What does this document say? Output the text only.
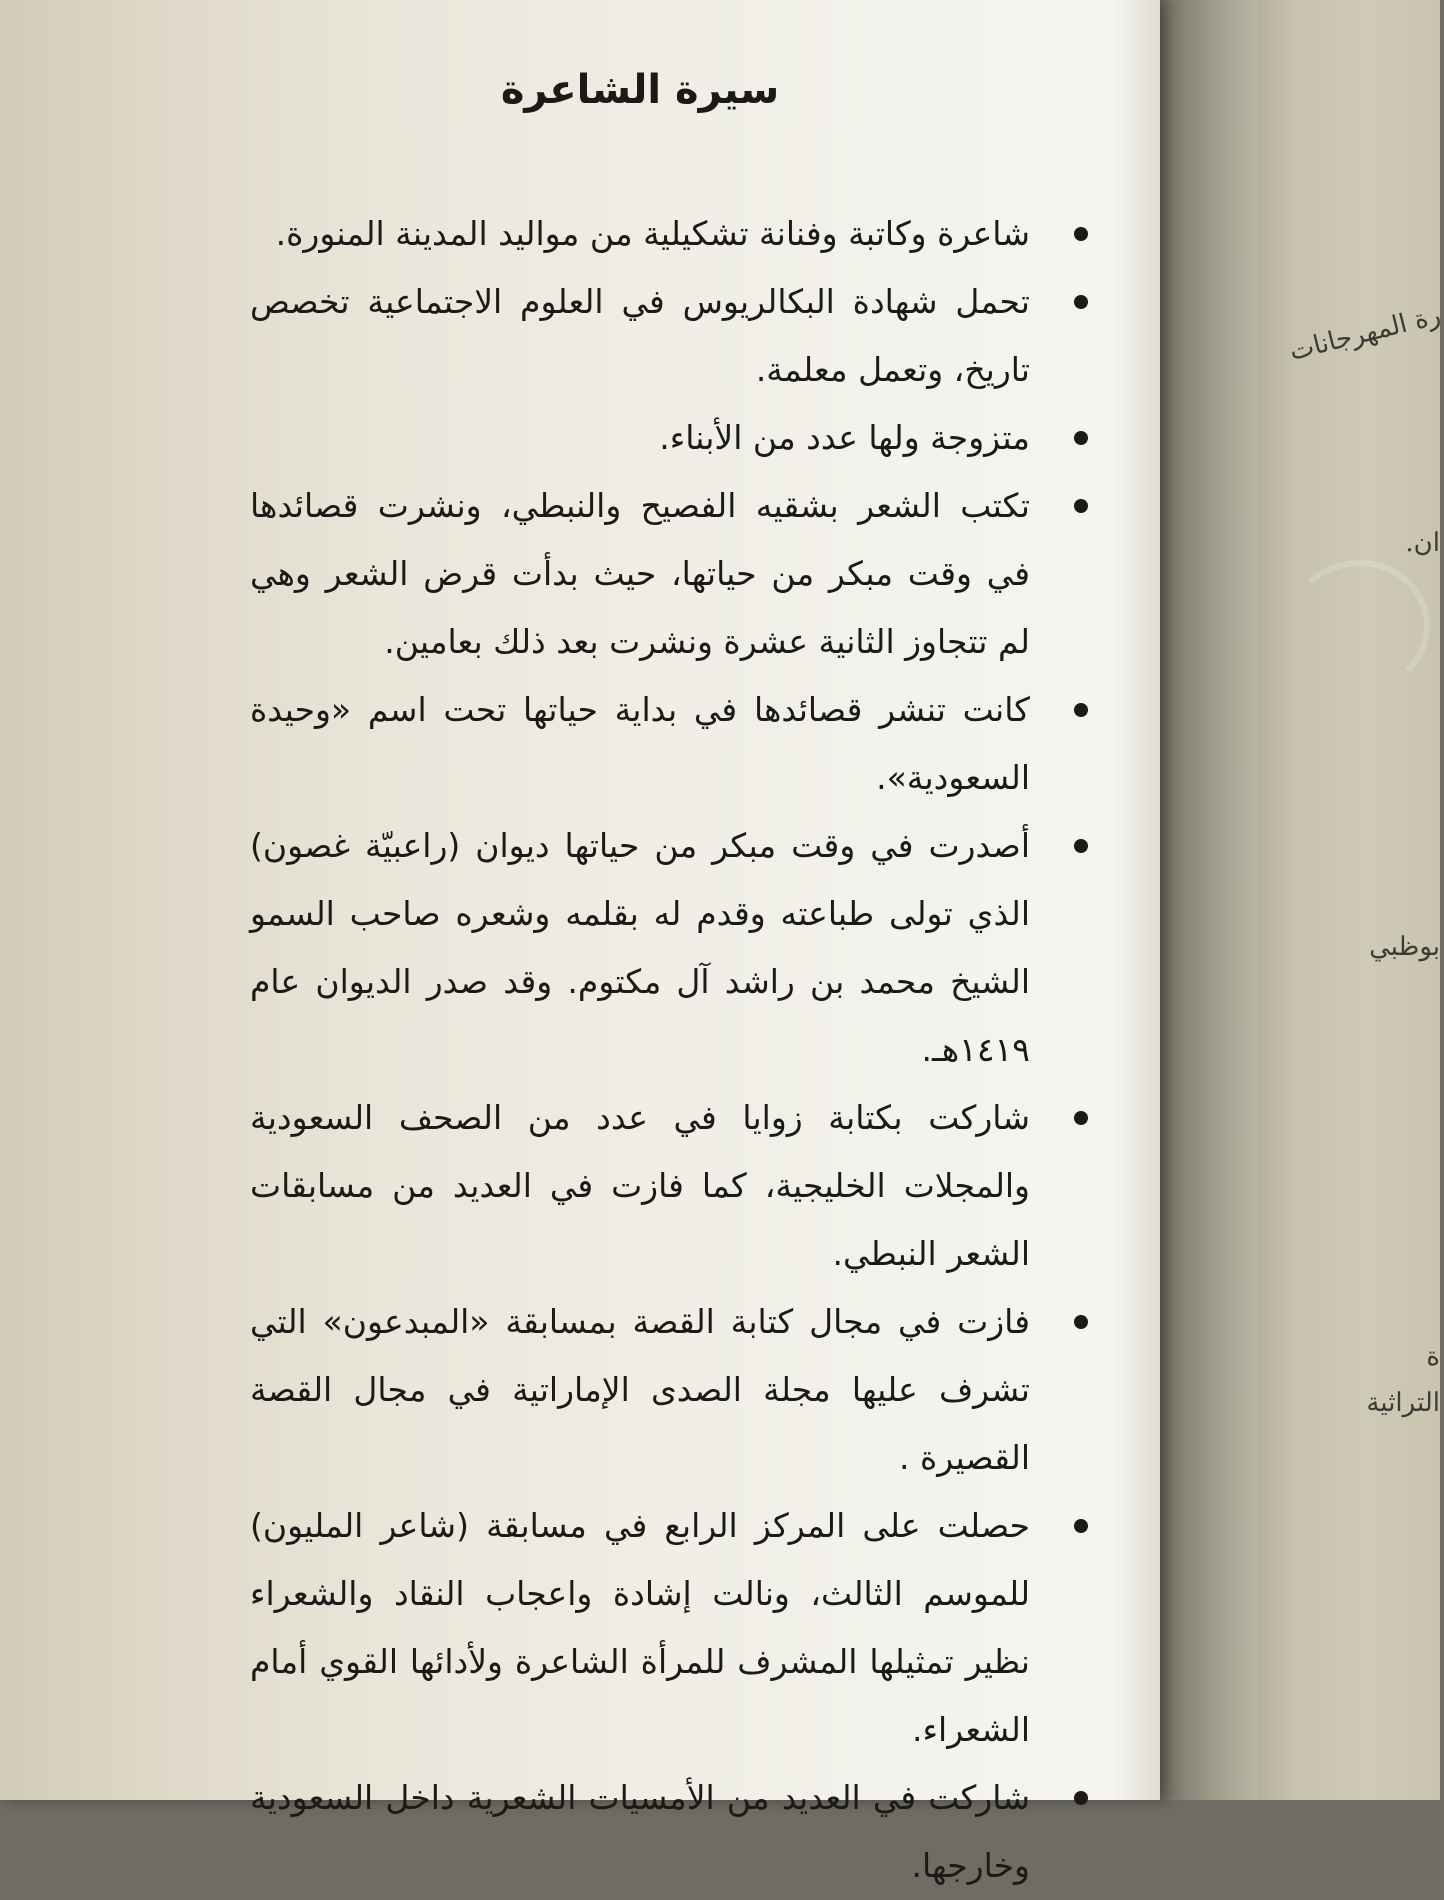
رة المهرجانات
ان.
بوظبي
ة
التراثية
سيرة الشاعرة
شاعرة وكاتبة وفنانة تشكيلية من مواليد المدينة المنورة.
تحمل شهادة البكالريوس في العلوم الاجتماعية تخصص تاريخ، وتعمل معلمة.
متزوجة ولها عدد من الأبناء.
تكتب الشعر بشقيه الفصيح والنبطي، ونشرت قصائدها في وقت مبكر من حياتها، حيث بدأت قرض الشعر وهي لم تتجاوز الثانية عشرة ونشرت بعد ذلك بعامين.
كانت تنشر قصائدها في بداية حياتها تحت اسم «وحيدة السعودية».
أصدرت في وقت مبكر من حياتها ديوان (راعبيّة غصون) الذي تولى طباعته وقدم له بقلمه وشعره صاحب السمو الشيخ محمد بن راشد آل مكتوم. وقد صدر الديوان عام ١٤١٩هـ.
شاركت بكتابة زوايا في عدد من الصحف السعودية والمجلات الخليجية، كما فازت في العديد من مسابقات الشعر النبطي.
فازت في مجال كتابة القصة بمسابقة «المبدعون» التي تشرف عليها مجلة الصدى الإماراتية في مجال القصة القصيرة .
حصلت على المركز الرابع في مسابقة (شاعر المليون) للموسم الثالث، ونالت إشادة واعجاب النقاد والشعراء نظير تمثيلها المشرف للمرأة الشاعرة ولأدائها القوي أمام الشعراء.
شاركت في العديد من الأمسيات الشعرية داخل السعودية وخارجها.
